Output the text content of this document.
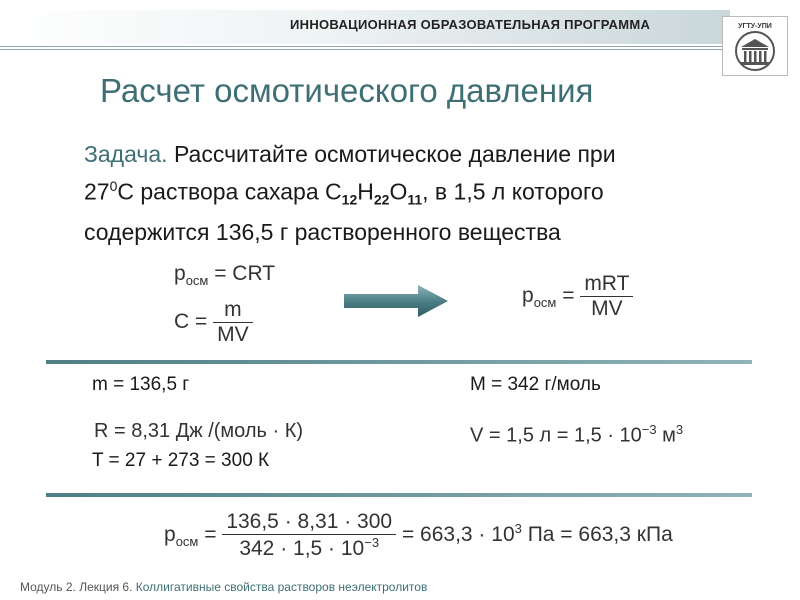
ИННОВАЦИОННАЯ ОБРАЗОВАТЕЛЬНАЯ ПРОГРАММА	УГТУ-УПИ
Расчет осмотического давления
Задача. Рассчитайте осмотическое давление при
$27^0С$ раствора сахара $С_{12}Н_{22}О_{11}$, в 1,5 л которого
содержится 136,5 г растворенного вещества
$p_{осм}$ = CRT
$C = \frac{m}{MV}$
$p_{осм} = \frac{\text{mRT}}{MV}$
m = 136,5 г	M = 342 г/моль
R = 8,31 Дж /(моль · К)	V = 1,5 $л = 1,5 \cdot 10^{-3}$ $м^3$
T = 27 + 273 = 300 К
$p_{осм} = \frac{136,5 \cdot 8,31 \cdot 300}{342 \cdot 1,5 \cdot 10^{-3}} = 663,3 \cdot 10^3$ Па = 663,3 кПа
Модуль 2. Лекция 6. Коллигативные свойства растворов неэлектролитов
